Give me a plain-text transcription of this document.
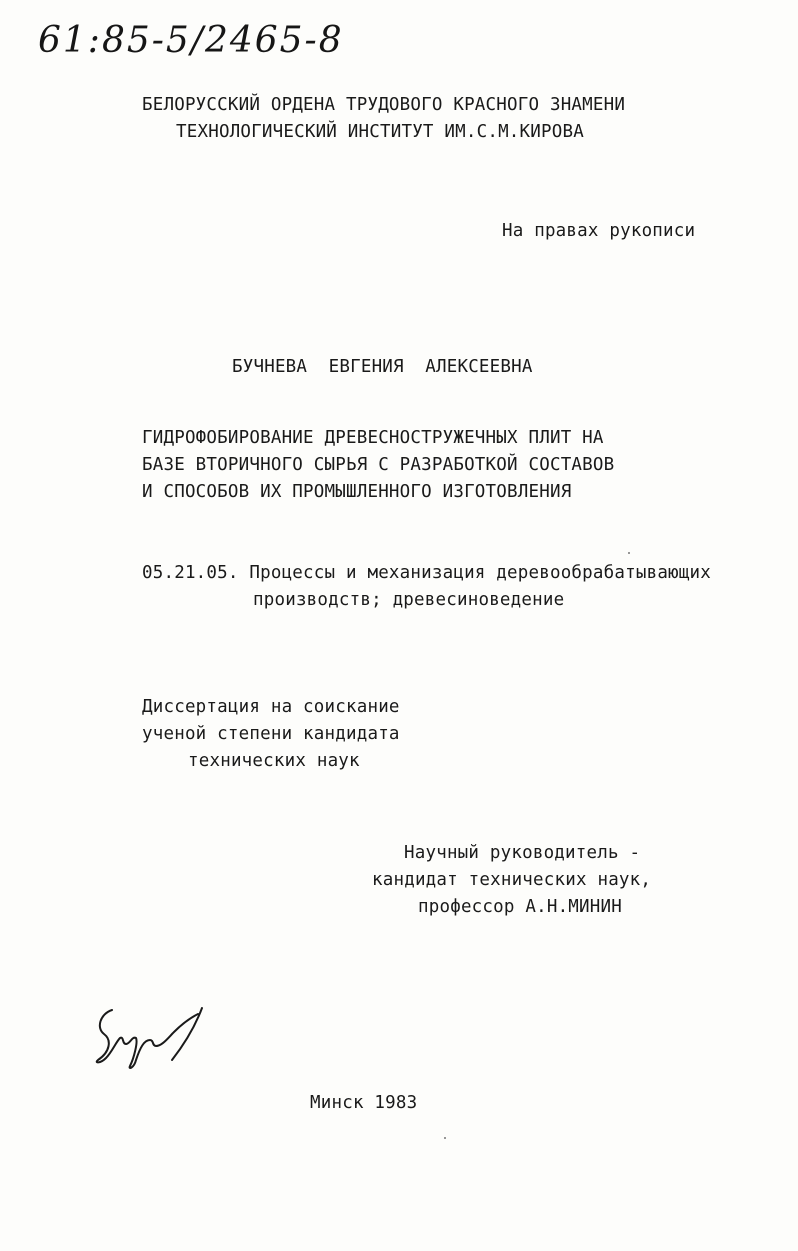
61:85-5/2465-8
БЕЛОРУССКИЙ ОРДЕНА ТРУДОВОГО КРАСНОГО ЗНАМЕНИ
ТЕХНОЛОГИЧЕСКИЙ ИНСТИТУТ ИМ.С.М.КИРОВА
На правах рукописи
БУЧНЕВА  ЕВГЕНИЯ  АЛЕКСЕЕВНА
ГИДРОФОБИРОВАНИЕ ДРЕВЕСНОСТРУЖЕЧНЫХ ПЛИТ НА
БАЗЕ ВТОРИЧНОГО СЫРЬЯ С РАЗРАБОТКОЙ СОСТАВОВ
И СПОСОБОВ ИХ ПРОМЫШЛЕННОГО ИЗГОТОВЛЕНИЯ
05.21.05. Процессы и механизация деревообрабатывающих
производств; древесиноведение
Диссертация на соискание
ученой степени кандидата
технических наук
Научный руководитель -
кандидат технических наук,
профессор А.Н.МИНИН
Минск 1983
